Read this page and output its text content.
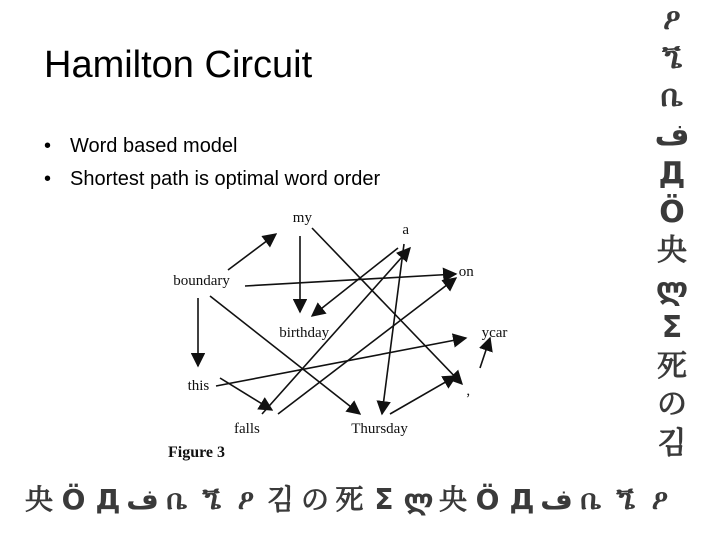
Hamilton Circuit
• Word based model
• Shortest path is optimal word order
my
a
on
boundary
birthday	ycar
this	,
falls	Thursday
Figure 3
ዖ
ጜ
ቤ
ف
Д
Ö
央
ლ
Σ
死
の
김
央 Ö Д ف ቤ ጜ ዖ 김 の 死 Σ ლ 央 Ö Д ف ቤ ጜ ዖ
